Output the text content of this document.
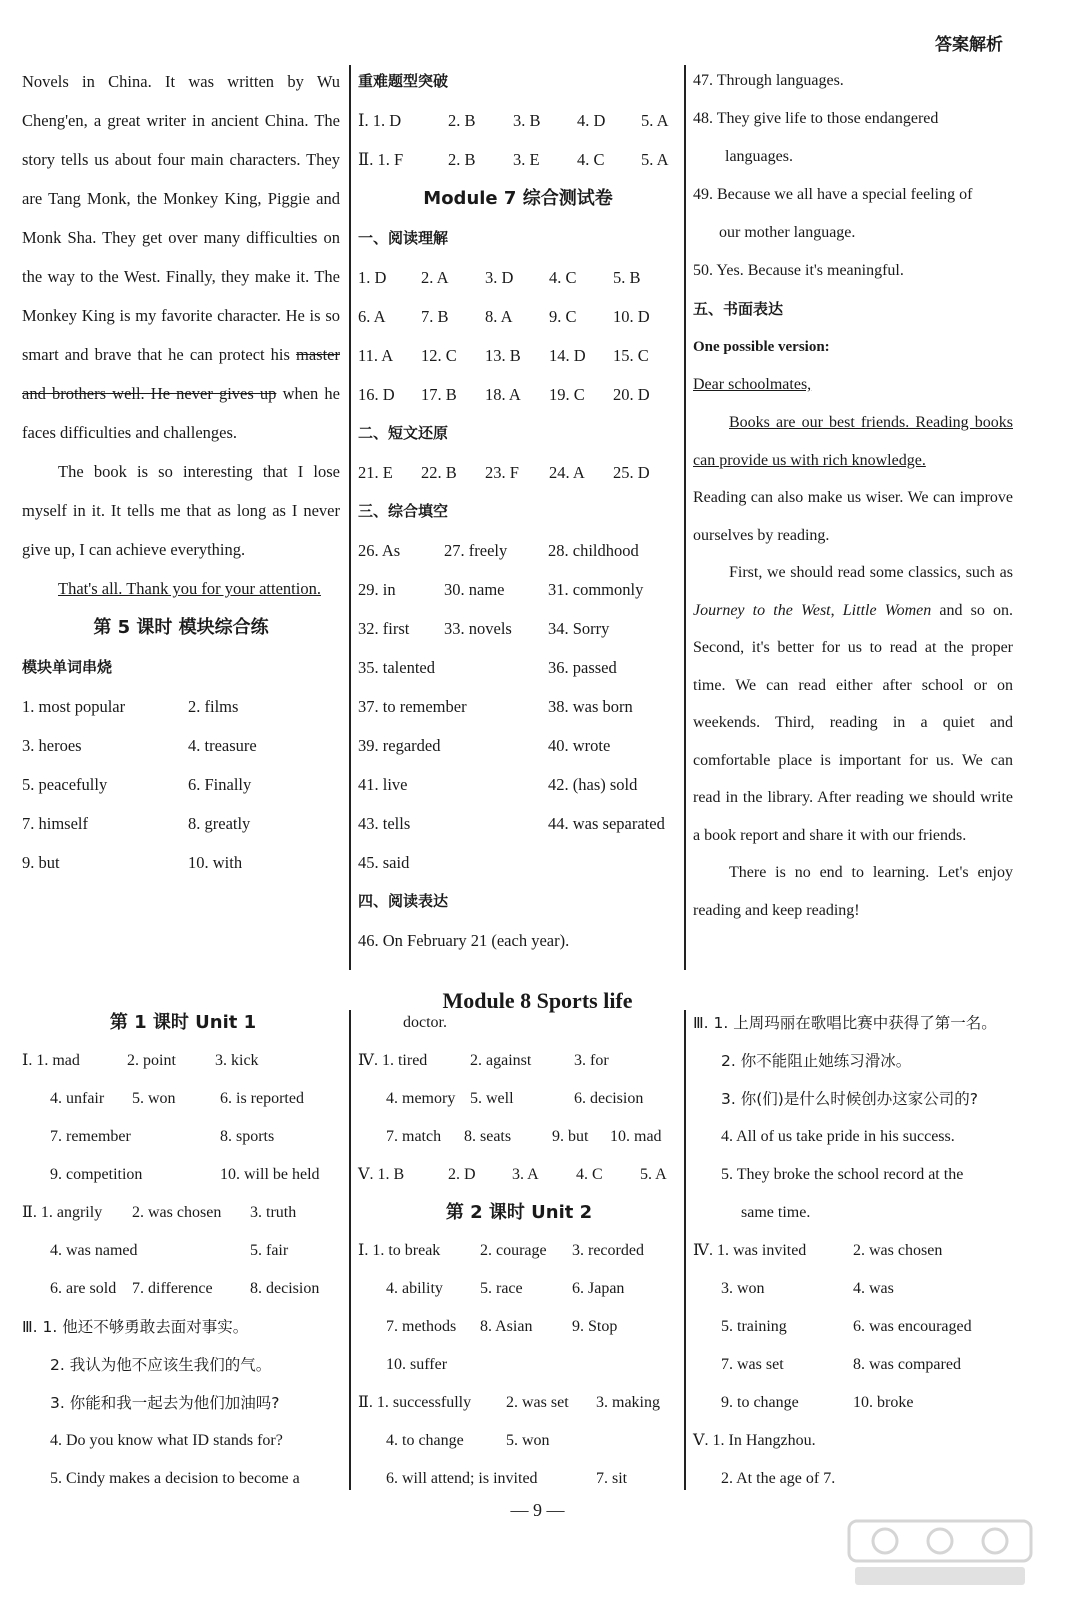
答案解析
Novels in China. It was written by Wu Cheng'en, a great writer in ancient China. The story tells us about four main characters. They are Tang Monk, the Monkey King, Piggie and Monk Sha. They get over many difficulties on the way to the West. Finally, they make it. The Monkey King is my favorite character. He is so smart and brave that he can protect his master and brothers well. He never gives up when he faces difficulties and challenges.
The book is so interesting that I lose myself in it. It tells me that as long as I never give up, I can achieve everything.
That's all. Thank you for your attention.
第 5 课时 模块综合练
模块单词串烧
1. most popular	2. films
3. heroes	4. treasure
5. peacefully	6. Finally
7. himself	8. greatly
9. but	10. with
重难题型突破
Ⅰ. 1. D	2. B	3. B	4. D	5. A
Ⅱ. 1. F	2. B	3. E	4. C	5. A
Module 7 综合测试卷
一、阅读理解
1. D	2. A	3. D	4. C	5. B
6. A	7. B	8. A	9. C	10. D
11. A	12. C	13. B	14. D	15. C
16. D	17. B	18. A	19. C	20. D
二、短文还原
21. E	22. B	23. F	24. A	25. D
三、综合填空
26. As	27. freely	28. childhood
29. in	30. name	31. commonly
32. first	33. novels	34. Sorry
35. talented	36. passed
37. to remember	38. was born
39. regarded	40. wrote
41. live	42. (has) sold
43. tells	44. was separated
45. said
四、阅读表达
46. On February 21 (each year).
47. Through languages.
48. They give life to those endangered
languages.
49. Because we all have a special feeling of
our mother language.
50. Yes. Because it's meaningful.
五、书面表达
One possible version:
Dear schoolmates,
Books are our best friends. Reading books can provide us with rich knowledge.
Reading can also make us wiser. We can improve ourselves by reading.
First, we should read some classics, such as Journey to the West, Little Women and so on. Second, it's better for us to read at the proper time. We can read either after school or on weekends. Third, reading in a quiet and comfortable place is important for us. We can read in the library. After reading we should write a book report and share it with our friends.
There is no end to learning. Let's enjoy reading and keep reading!
Module 8 Sports life
第 1 课时 Unit 1
Ⅰ. 1. mad	2. point	3. kick
4. unfair	5. won	6. is reported
7. remember	8. sports
9. competition	10. will be held
Ⅱ. 1. angrily	2. was chosen	3. truth
4. was named	5. fair
6. are sold 7. difference	8. decision
Ⅲ. 1. 他还不够勇敢去面对事实。
2. 我认为他不应该生我们的气。
3. 你能和我一起去为他们加油吗?
4. Do you know what ID stands for?
5. Cindy makes a decision to become a
doctor.
Ⅳ. 1. tired	2. against	3. for
4. memory 5. well	6. decision
7. match	8. seats	9. but	10. mad
Ⅴ. 1. B	2. D	3. A	4. C	5. A
第 2 课时 Unit 2
Ⅰ. 1. to break	2. courage	3. recorded
4. ability	5. race	6. Japan
7. methods	8. Asian	9. Stop
10. suffer
Ⅱ. 1. successfully	2. was set	3. making
4. to change	5. won
6. will attend; is invited	7. sit
Ⅲ. 1. 上周玛丽在歌唱比赛中获得了第一名。
2. 你不能阻止她练习滑冰。
3. 你(们)是什么时候创办这家公司的?
4. All of us take pride in his success.
5. They broke the school record at the
same time.
Ⅳ. 1. was invited	2. was chosen
3. won	4. was
5. training	6. was encouraged
7. was set	8. was compared
9. to change	10. broke
Ⅴ. 1. In Hangzhou.
2. At the age of 7.
— 9 —
